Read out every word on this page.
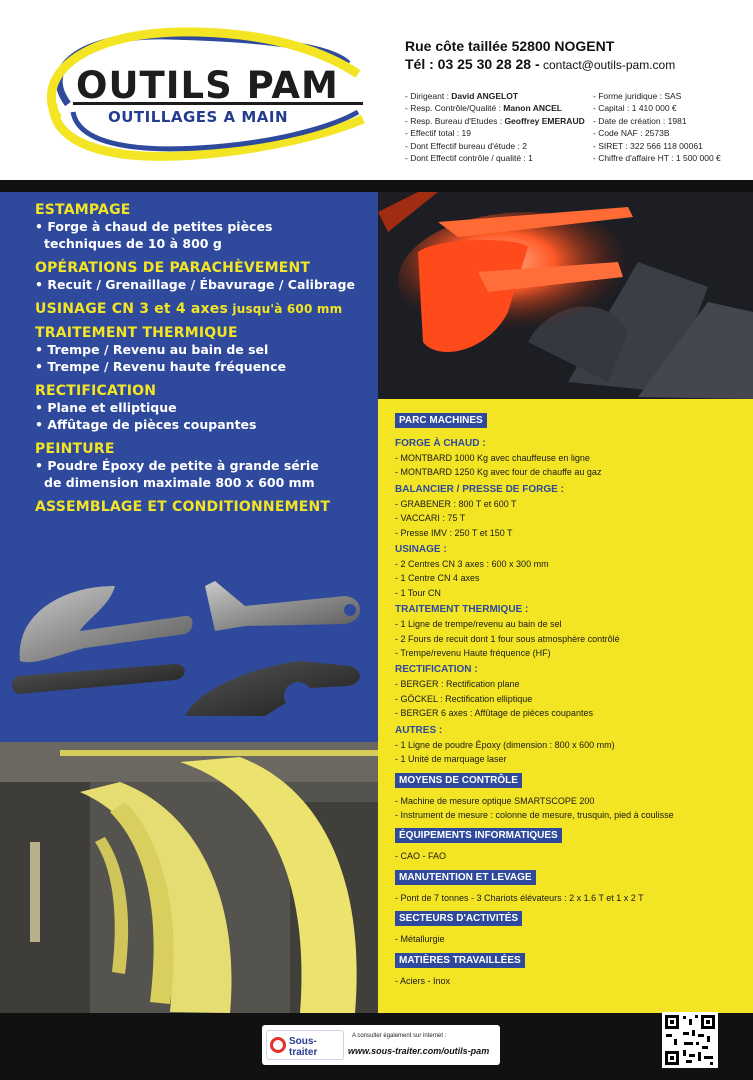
OUTILS PAM
OUTILLAGES A MAIN
Rue côte taillée 52800 NOGENT
Tél : 03 25 30 28 28 - contact@outils-pam.com
- Dirigeant : David ANGELOT
- Resp. Contrôle/Qualité : Manon ANCEL
- Resp. Bureau d'Etudes : Geoffrey EMERAUD
- Effectif total : 19
- Dont Effectif bureau d'étude : 2
- Dont Effectif contrôle / qualité : 1
- Forme juridique : SAS
- Capital : 1 410 000 €
- Date de création : 1981
- Code NAF : 2573B
- SIRET : 322 566 118 00061
- Chiffre d'affaire HT : 1 500 000 €
ESTAMPAGE
• Forge à chaud de petites pièces
techniques de 10 à 800 g
OPÉRATIONS DE PARACHÈVEMENT
• Recuit / Grenaillage / Ébavurage / Calibrage
USINAGE CN 3 et 4 axes jusqu'à 600 mm
TRAITEMENT THERMIQUE
• Trempe / Revenu au bain de sel
• Trempe / Revenu haute fréquence
RECTIFICATION
• Plane et elliptique
• Affûtage de pièces coupantes
PEINTURE
• Poudre Époxy de petite à grande série
de dimension maximale 800 x 600 mm
ASSEMBLAGE ET CONDITIONNEMENT
PARC MACHINES
FORGE À CHAUD :
- MONTBARD 1000 Kg avec chauffeuse en ligne
- MONTBARD 1250 Kg avec four de chauffe au gaz
BALANCIER / PRESSE DE FORGE :
- GRABENER : 800 T et 600 T
- VACCARI : 75 T
- Presse IMV : 250 T et 150 T
USINAGE :
- 2 Centres CN 3 axes : 600 x 300 mm
- 1 Centre CN 4 axes
- 1 Tour CN
TRAITEMENT THERMIQUE :
- 1 Ligne de trempe/revenu au bain de sel
- 2 Fours de recuit dont 1 four sous atmosphère contrôlé
- Trempe/revenu Haute fréquence (HF)
RECTIFICATION :
- BERGER : Rectification plane
- GÖCKEL : Rectification elliptique
- BERGER 6 axes : Affûtage de pièces coupantes
AUTRES :
- 1 Ligne de poudre Époxy (dimension : 800 x 600 mm)
- 1 Unité de marquage laser
MOYENS DE CONTRÔLE
- Machine de mesure optique SMARTSCOPE 200
- Instrument de mesure : colonne de mesure, trusquin, pied à coulisse
ÉQUIPEMENTS INFORMATIQUES
- CAO - FAO
MANUTENTION ET LEVAGE
- Pont de 7 tonnes - 3 Chariots élévateurs : 2 x 1.6 T et 1 x 2 T
SECTEURS D'ACTIVITÉS
- Métallurgie
MATIÈRES TRAVAILLÉES
- Aciers - Inox
Sous-traiter
A consulter également sur internet :
www.sous-traiter.com/outils-pam
